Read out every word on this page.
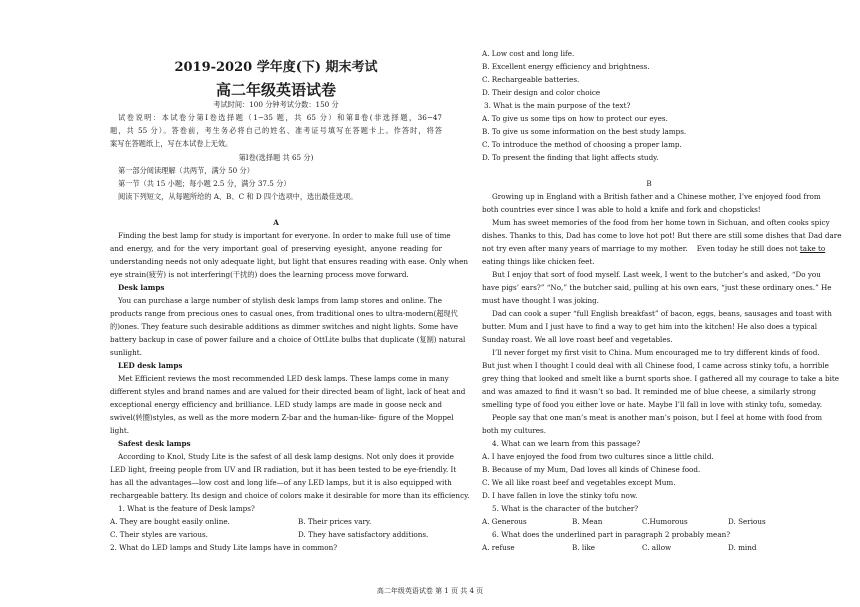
2019-2020 学年度(下) 期末考试
高二年级英语试卷
考试时间：100 分钟考试分数：150 分
试卷说明：本试卷分第Ⅰ卷选择题（1−35 题，共 65 分）和第Ⅱ卷(非选择题，36−47
题，共 55 分）。答卷前，考生务必将自己的姓名、准考证号填写在答题卡上。作答时，将答
案写在答题纸上，写在本试卷上无效。
第Ⅰ卷(选择题 共 65 分)
第一部分阅读理解（共两节，满分 50 分）
第一节（共 15 小题；每小题 2.5 分，满分 37.5 分）
阅读下列短文，从每题所给的 A、B、C 和 D 四个选项中，选出最佳选项。
A
Finding the best lamp for study is important for everyone. In order to make full use of time
and energy, and for the very important goal of preserving eyesight, anyone reading for
understanding needs not only adequate light, but light that ensures reading with ease. Only when
eye strain(疲劳) is not interfering(干扰的) does the learning process move forward.
Desk lamps
You can purchase a large number of stylish desk lamps from lamp stores and online. The
products range from precious ones to casual ones, from traditional ones to ultra-modern(超现代
的)ones. They feature such desirable additions as dimmer switches and night lights. Some have
battery backup in case of power failure and a choice of OttLite bulbs that duplicate (复制) natural
sunlight.
LED desk lamps
Met Efficient reviews the most recommended LED desk lamps. These lamps come in many
different styles and brand names and are valued for their directed beam of light, lack of heat and
exceptional energy efficiency and brilliance. LED study lamps are made in goose neck and
swivel(转圈)styles, as well as the more modern Z-bar and the human-like- figure of the Moppel
light.
Safest desk lamps
According to Knol, Study Lite is the safest of all desk lamp designs. Not only does it provide
LED light, freeing people from UV and IR radiation, but it has been tested to be eye-friendly. It
has all the advantages—low cost and long life—of any LED lamps, but it is also equipped with
rechargeable battery. Its design and choice of colors make it desirable for more than its efficiency.
1. What is the feature of Desk lamps?
A. They are bought easily online.	B. Their prices vary.
C. Their styles are various.	D. They have satisfactory additions.
2. What do LED lamps and Study Lite lamps have in common?
A. Low cost and long life.
B. Excellent energy efficiency and brightness.
C. Rechargeable batteries.
D. Their design and color choice
3. What is the main purpose of the text?
A. To give us some tips on how to protect our eyes.
B. To give us some information on the best study lamps.
C. To introduce the method of choosing a proper lamp.
D. To present the finding that light affects study.
B
Growing up in England with a British father and a Chinese mother, I’ve enjoyed food from
both countries ever since I was able to hold a knife and fork and chopsticks!
Mum has sweet memories of the food from her home town in Sichuan, and often cooks spicy
dishes. Thanks to this, Dad has come to love hot pot! But there are still some dishes that Dad dare
not try even after many years of marriage to my mother.    Even today he still does not take to
eating things like chicken feet.
But I enjoy that sort of food myself. Last week, I went to the butcher’s and asked, “Do you
have pigs’ ears?” “No,” the butcher said, pulling at his own ears, “just these ordinary ones.” He
must have thought I was joking.
Dad can cook a super “full English breakfast” of bacon, eggs, beans, sausages and toast with
butter. Mum and I just have to find a way to get him into the kitchen! He also does a typical
Sunday roast. We all love roast beef and vegetables.
I’ll never forget my first visit to China. Mum encouraged me to try different kinds of food.
But just when I thought I could deal with all Chinese food, I came across stinky tofu, a horrible
grey thing that looked and smelt like a burnt sports shoe. I gathered all my courage to take a bite
and was amazed to find it wasn’t so bad. It reminded me of blue cheese, a similarly strong
smelling type of food you either love or hate. Maybe I’ll fall in love with stinky tofu, someday.
People say that one man’s meat is another man’s poison, but I feel at home with food from
both my cultures.
4. What can we learn from this passage?
A. I have enjoyed the food from two cultures since a little child.
B. Because of my Mum, Dad loves all kinds of Chinese food.
C. We all like roast beef and vegetables except Mum.
D. I have fallen in love the stinky tofu now.
5. What is the character of the butcher?
A. Generous	B. Mean	C.Humorous	D. Serious
6. What does the underlined part in paragraph 2 probably mean?
A. refuse	B. like	C. allow	D. mind
高二年级英语试卷 第 1 页 共 4 页
